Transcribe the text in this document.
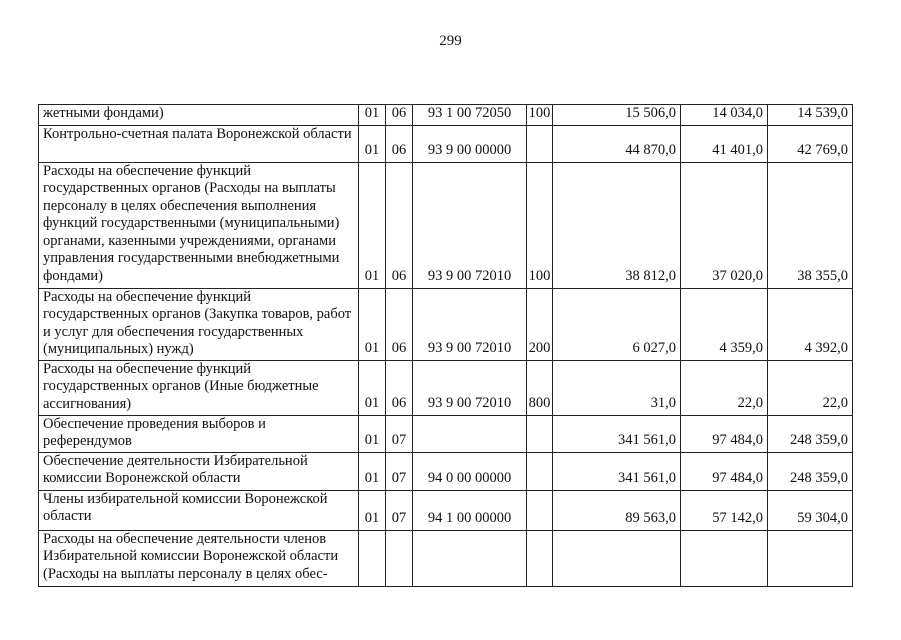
299
жетными фондами)	01	06	93 1 00 72050	100	15 506,0	14 034,0	14 539,0
Контрольно-счетная палата Воронежской области	01	06	93 9 00 00000		44 870,0	41 401,0	42 769,0
Расходы на обеспечение функций государственных органов (Расходы на выплаты персоналу в целях обеспечения выполнения функций государственными (муниципальными) органами, казенными учреждениями, органами управления государственными внебюджетными фондами)	01	06	93 9 00 72010	100	38 812,0	37 020,0	38 355,0
Расходы на обеспечение функций государственных органов (Закупка товаров, работ и услуг для обеспечения государственных (муниципальных) нужд)	01	06	93 9 00 72010	200	6 027,0	4 359,0	4 392,0
Расходы на обеспечение функций государственных органов (Иные бюджетные ассигнования)	01	06	93 9 00 72010	800	31,0	22,0	22,0
Обеспечение проведения выборов и референдумов	01	07			341 561,0	97 484,0	248 359,0
Обеспечение деятельности Избирательной комиссии Воронежской области	01	07	94 0 00 00000		341 561,0	97 484,0	248 359,0
Члены избирательной комиссии Воронежской области	01	07	94 1 00 00000		89 563,0	57 142,0	59 304,0
Расходы на обеспечение деятельности членов Избирательной комиссии Воронежской области (Расходы на выплаты персоналу в целях обес-							
